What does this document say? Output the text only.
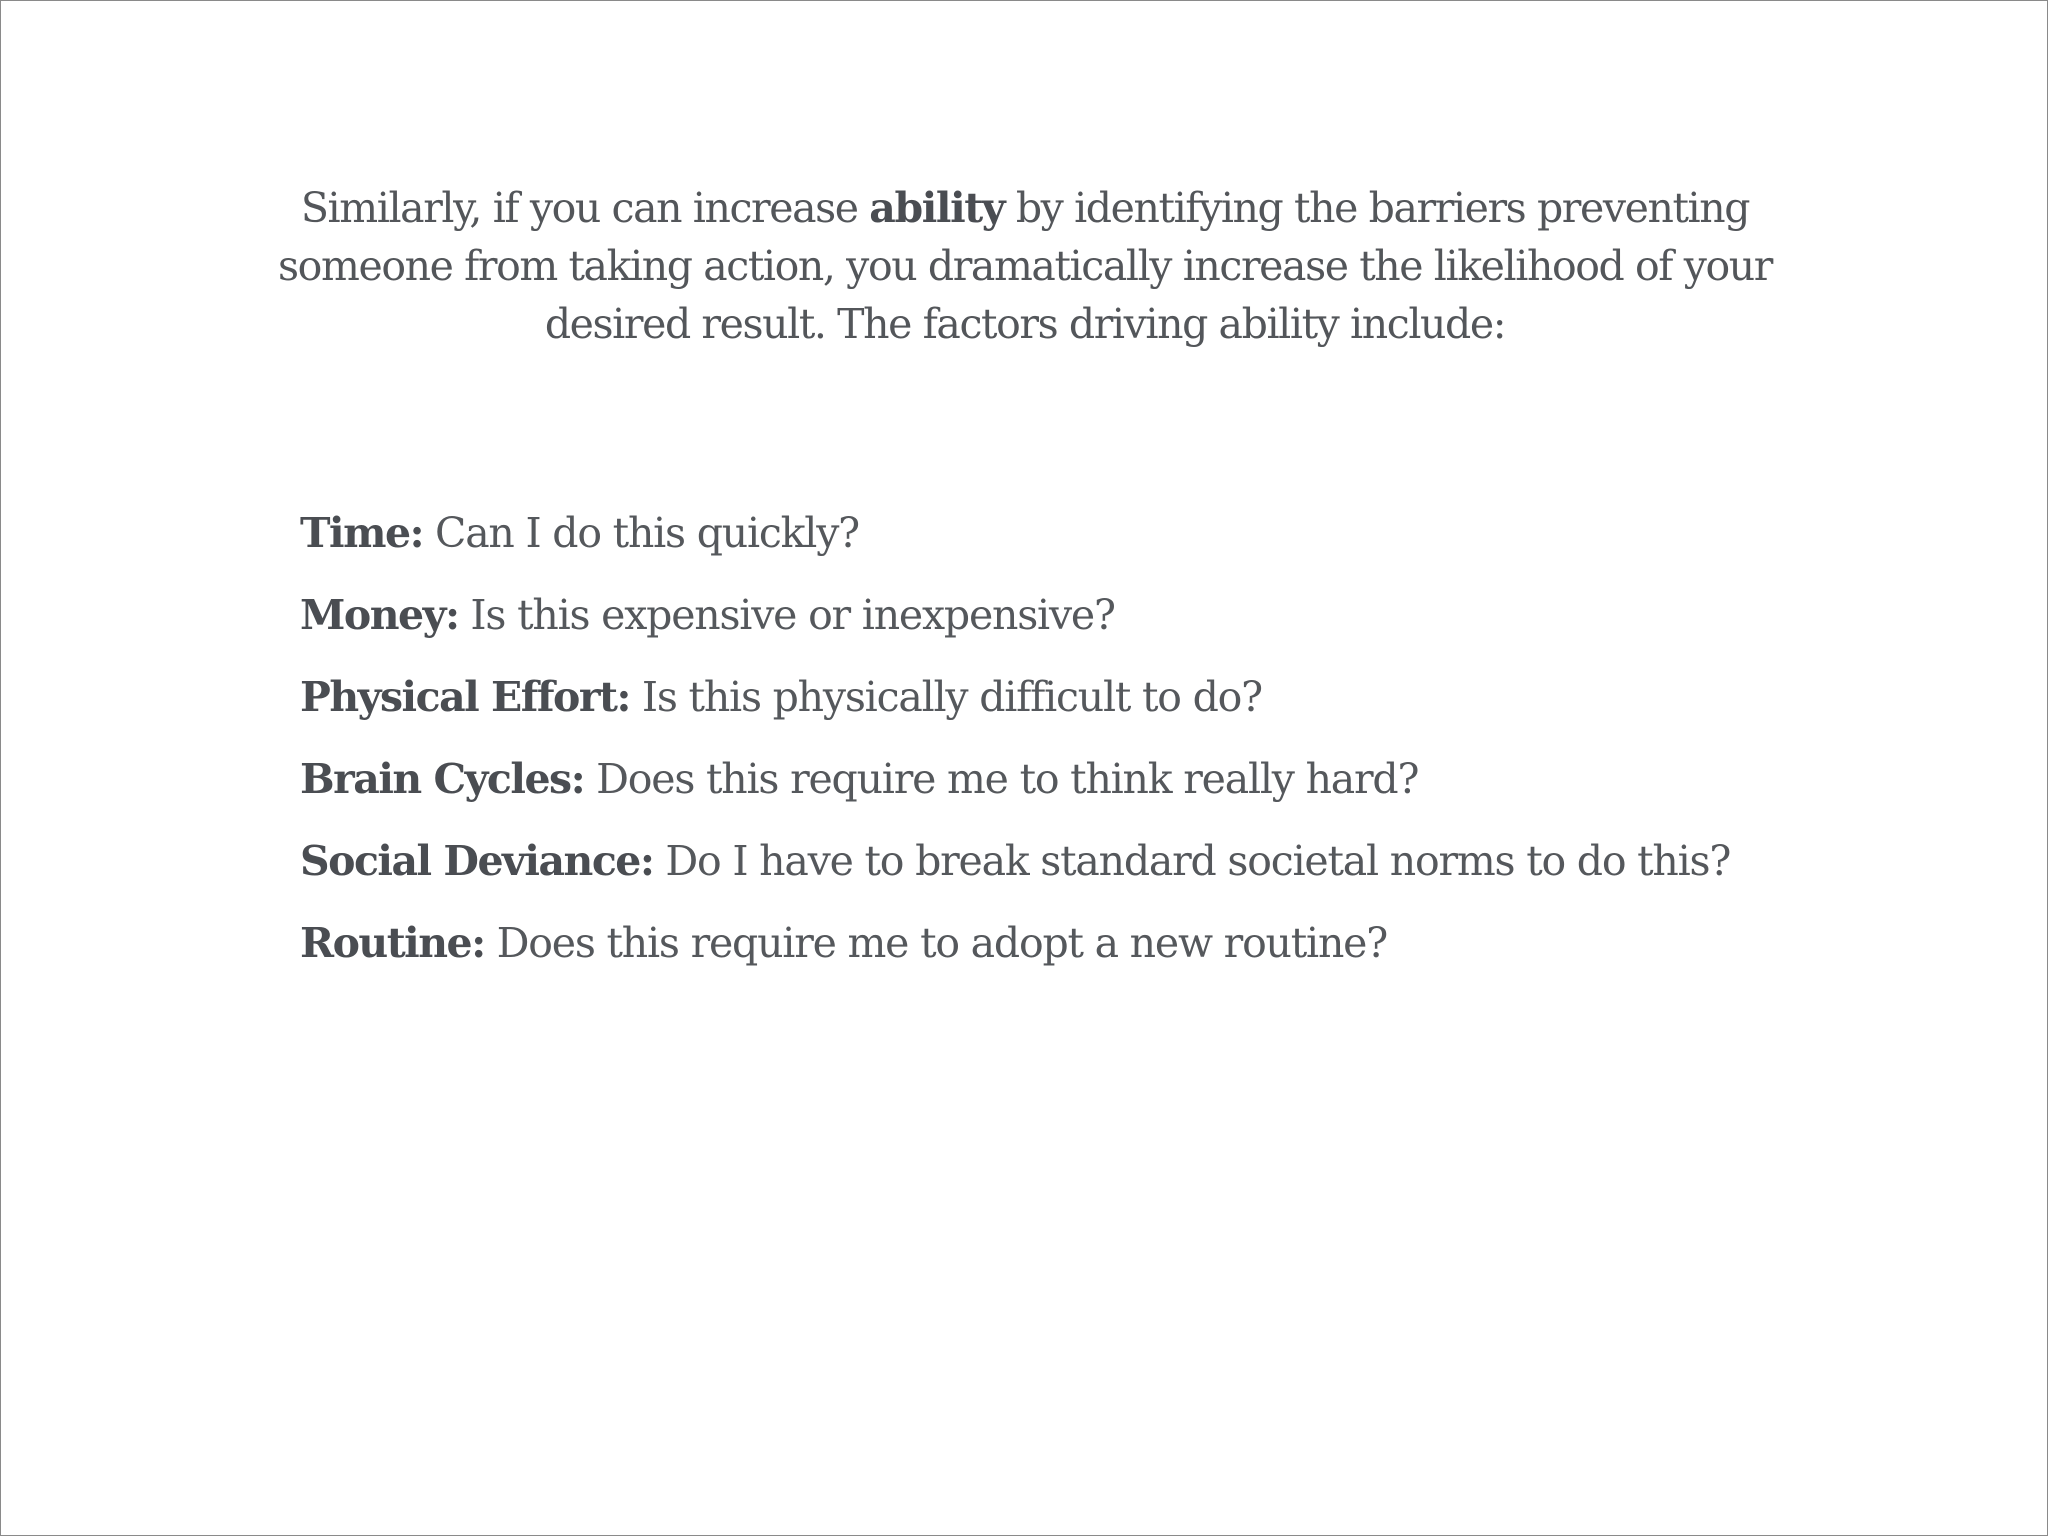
Similarly, if you can increase ability by identifying the barriers preventing someone from taking action, you dramatically increase the likelihood of your desired result. The factors driving ability include:

Time: Can I do this quickly?
Money: Is this expensive or inexpensive?
Physical Effort: Is this physically difficult to do?
Brain Cycles: Does this require me to think really hard?
Social Deviance: Do I have to break standard societal norms to do this?
Routine: Does this require me to adopt a new routine?
